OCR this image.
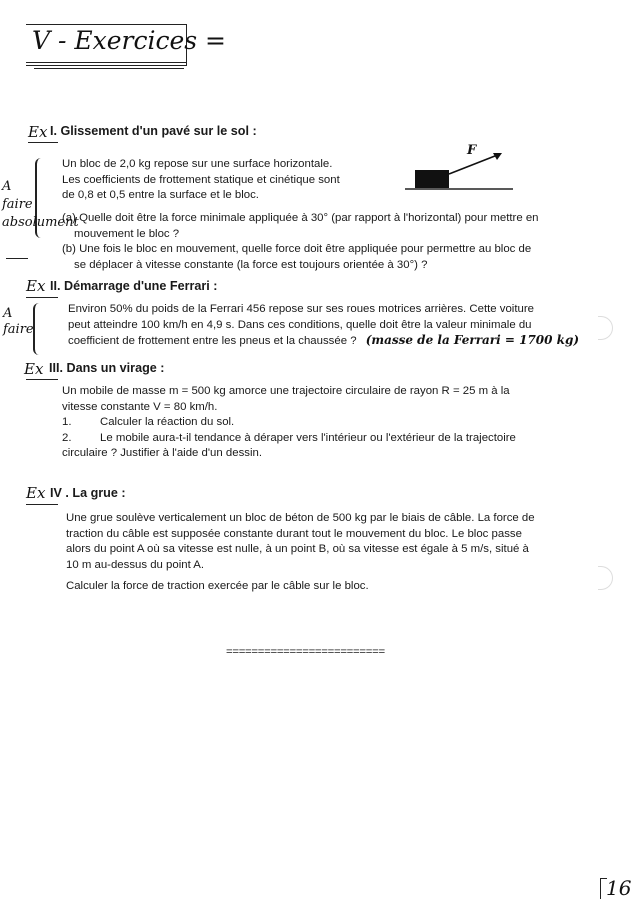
V - Exercices =
Ex I. Glissement d'un pavé sur le sol :
A faire absolument
Un bloc de 2,0 kg repose sur une surface horizontale.
Les coefficients de frottement statique et cinétique sont
de 0,8 et 0,5 entre la surface et le bloc.
F
(a) Quelle doit être la force minimale appliquée à 30° (par rapport à l'horizontal) pour mettre en
mouvement le bloc ?
(b) Une fois le bloc en mouvement, quelle force doit être appliquée pour permettre au bloc de
se déplacer à vitesse constante (la force est toujours orientée à 30°) ?
Ex II. Démarrage d'une Ferrari :
A faire
Environ 50% du poids de la Ferrari 456 repose sur ses roues motrices arrières. Cette voiture
peut atteindre 100 km/h en 4,9 s. Dans ces conditions, quelle doit être la valeur minimale du
coefficient de frottement entre les pneus et la chaussée ? (masse de la Ferrari = 1700 kg)
Ex III. Dans un virage :
Un mobile de masse m = 500 kg amorce une trajectoire circulaire de rayon R = 25 m à la
vitesse constante V = 80 km/h.
1.	Calculer la réaction du sol.
2.	Le mobile aura-t-il tendance à déraper vers l'intérieur ou l'extérieur de la trajectoire
circulaire ? Justifier à l'aide d'un dessin.
Ex IV . La grue :
Une grue soulève verticalement un bloc de béton de 500 kg par le biais de câble. La force de
traction du câble est supposée constante durant tout le mouvement du bloc. Le bloc passe
alors du point A où sa vitesse est nulle, à un point B, où sa vitesse est égale à 5 m/s, situé à
10 m au-dessus du point A.
Calculer la force de traction exercée par le câble sur le bloc.
=========================
16
